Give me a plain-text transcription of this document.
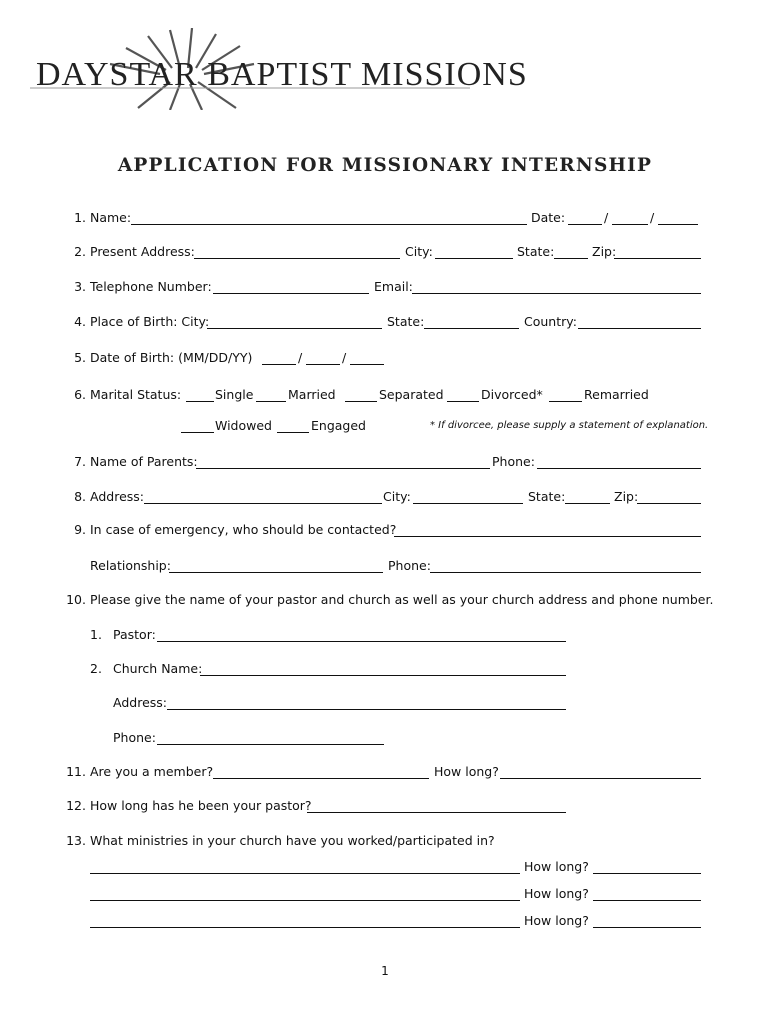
DAYSTAR BAPTIST MISSIONS
APPLICATION FOR MISSIONARY INTERNSHIP
1. Name:	Date:	/	/
2. Present Address:	City:	State:	Zip:
3. Telephone Number:	Email:
4. Place of Birth: City:	State:	Country:
5. Date of Birth: (MM/DD/YY)	/	/
6. Marital Status:	Single	Married	Separated	Divorced*	Remarried
Widowed	Engaged	* If divorcee, please supply a statement of explanation.
7. Name of Parents:	Phone:
8. Address:	City:	State:	Zip:
9. In case of emergency, who should be contacted?
Relationship:	Phone:
10. Please give the name of your pastor and church as well as your church address and phone number.
1. Pastor:
2. Church Name:
Address:
Phone:
11. Are you a member?	How long?
12. How long has he been your pastor?
13. What ministries in your church have you worked/participated in?
How long?
How long?
How long?
1
